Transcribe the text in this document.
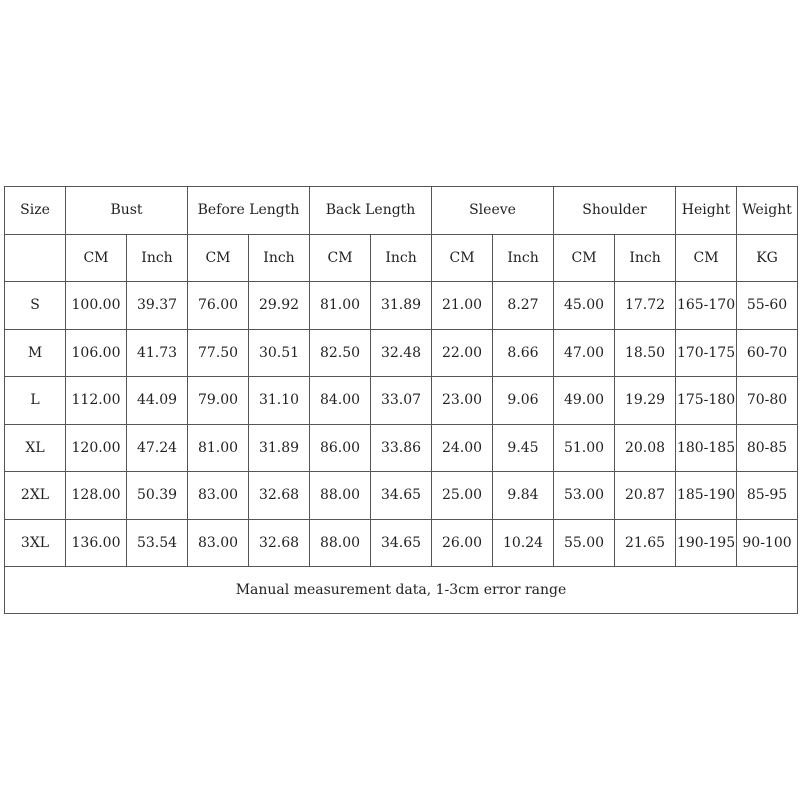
Size	Bust		Before Length		Back Length		Sleeve		Shoulder		Height	Weight
	CM	Inch	CM	Inch	CM	Inch	CM	Inch	CM	Inch	CM	KG
S	100.00	39.37	76.00	29.92	81.00	31.89	21.00	8.27	45.00	17.72	165-170	55-60
M	106.00	41.73	77.50	30.51	82.50	32.48	22.00	8.66	47.00	18.50	170-175	60-70
L	112.00	44.09	79.00	31.10	84.00	33.07	23.00	9.06	49.00	19.29	175-180	70-80
XL	120.00	47.24	81.00	31.89	86.00	33.86	24.00	9.45	51.00	20.08	180-185	80-85
2XL	128.00	50.39	83.00	32.68	88.00	34.65	25.00	9.84	53.00	20.87	185-190	85-95
3XL	136.00	53.54	83.00	32.68	88.00	34.65	26.00	10.24	55.00	21.65	190-195	90-100
Manual measurement data, 1-3cm error range												
